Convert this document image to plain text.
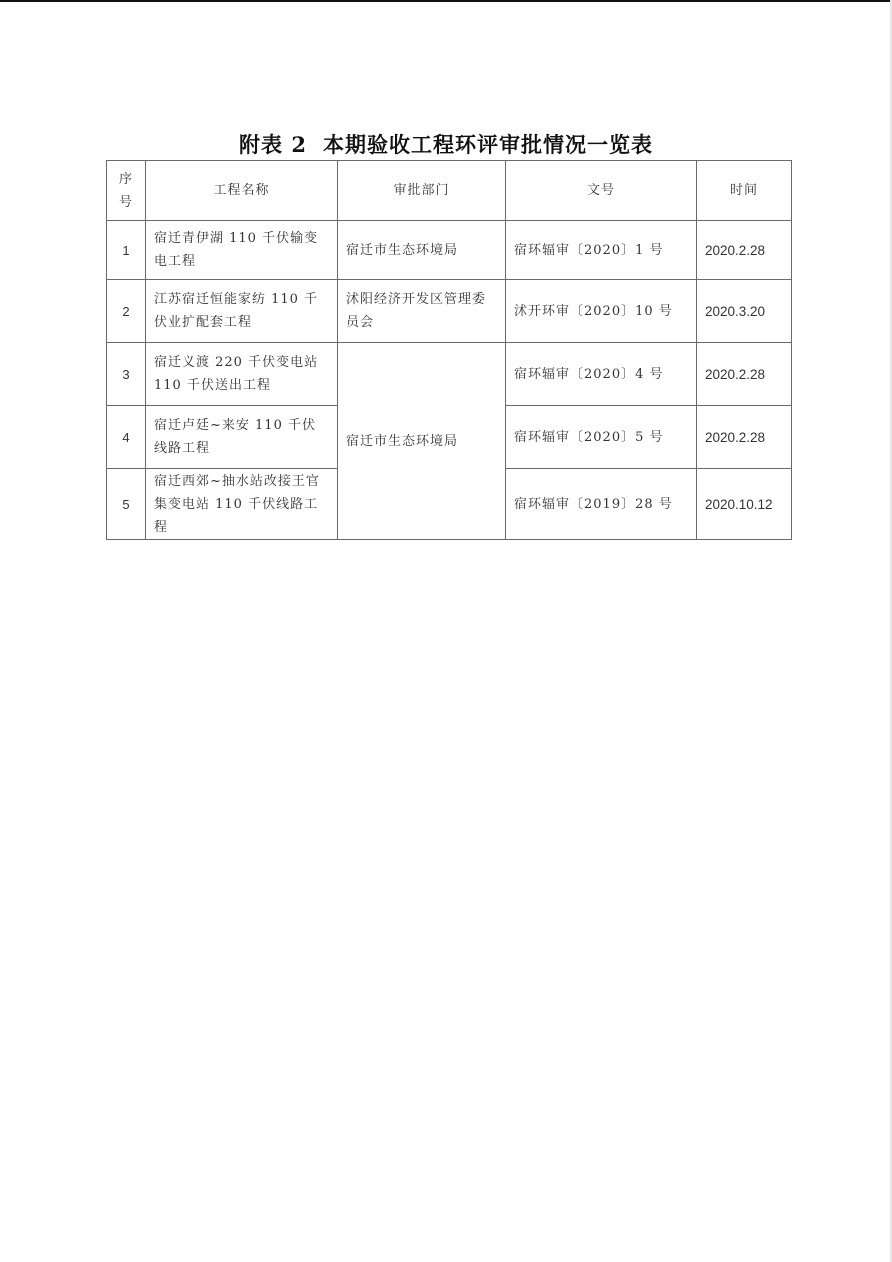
附表 2 本期验收工程环评审批情况一览表
序号	工程名称	审批部门	文号	时间
1	宿迁青伊湖 110 千伏输变电工程	宿迁市生态环境局	宿环辐审〔2020〕1 号	2020.2.28
2	江苏宿迁恒能家纺 110 千伏业扩配套工程	沭阳经济开发区管理委员会	沭开环审〔2020〕10 号	2020.3.20
3	宿迁义渡 220 千伏变电站 110 千伏送出工程	宿迁市生态环境局	宿环辐审〔2020〕4 号	2020.2.28
4	宿迁卢廷~来安 110 千伏线路工程		宿环辐审〔2020〕5 号	2020.2.28
5	宿迁西郊~抽水站改接王官集变电站 110 千伏线路工程		宿环辐审〔2019〕28 号	2020.10.12
